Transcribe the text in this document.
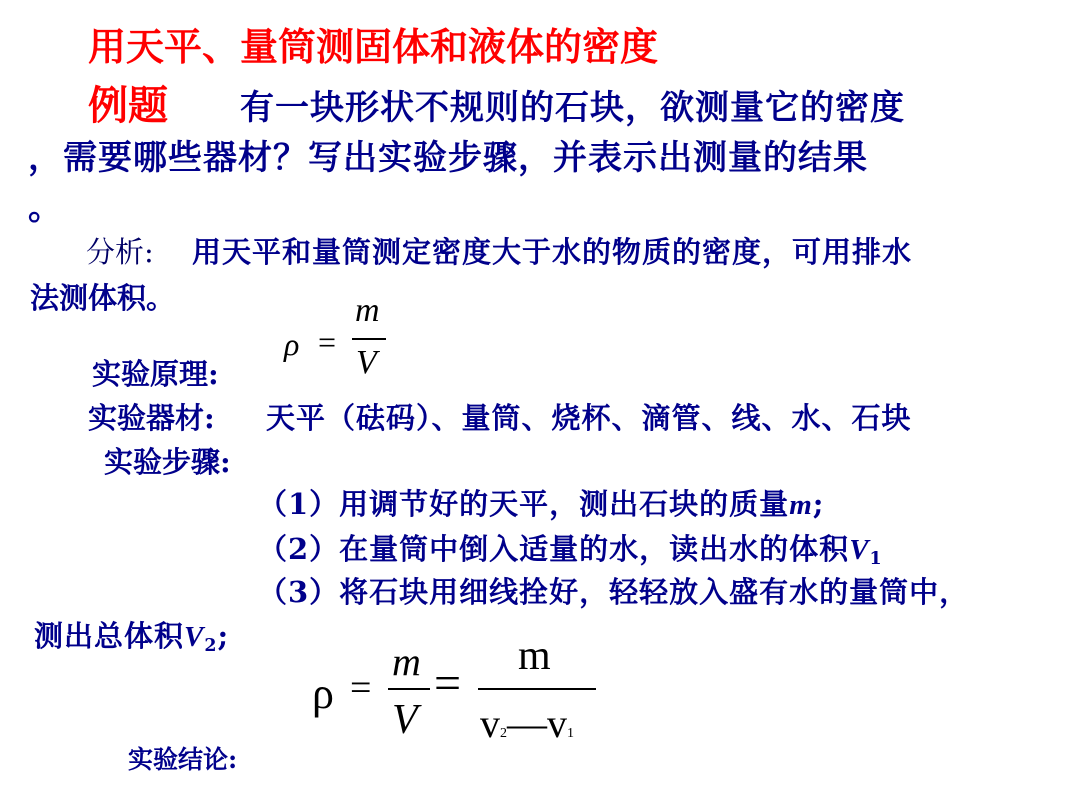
用天平、量筒测固体和液体的密度
例题 有一块形状不规则的石块，欲测量它的密度
，需要哪些器材？写出实验步骤，并表示出测量的结果
。
分析: 用天平和量筒测定密度大于水的物质的密度，可用排水
法测体积。
实验原理:
ρ =
m
V
实验器材: 天平（砝码）、量筒、烧杯、滴管、线、水、石块
实验步骤:
（1）用调节好的天平，测出石块的质量m;
（2）在量筒中倒入适量的水，读出水的体积$V_1$
（3）将石块用细线拴好，轻轻放入盛有水的量筒中，
测出总体积$V_2$;
ρ =
m
V
=
m
v2—v1
实验结论:
